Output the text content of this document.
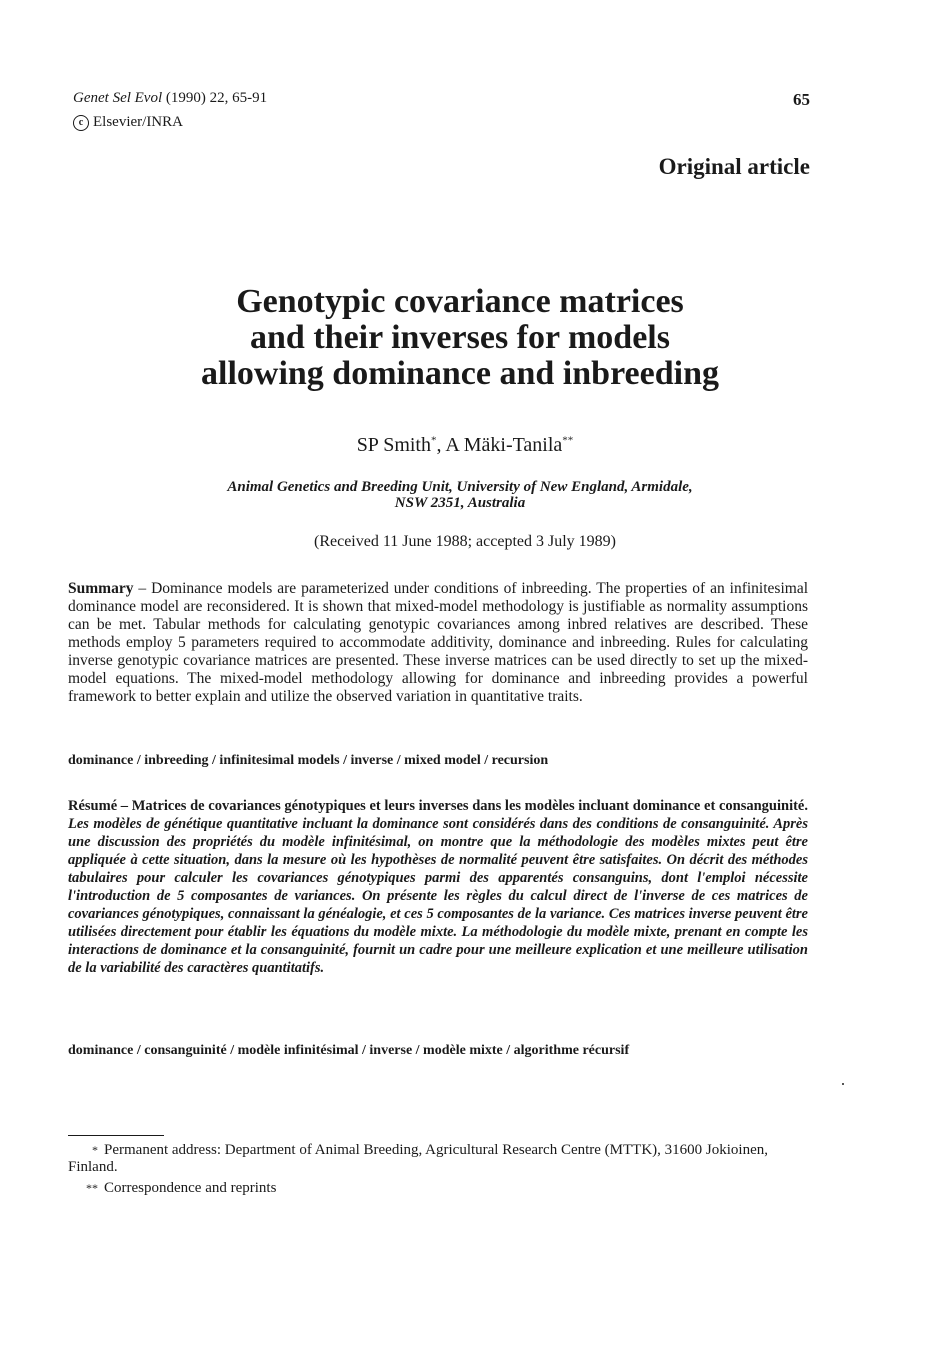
Genet Sel Evol (1990) 22, 65-91
c Elsevier/INRA
65
Original article
Genotypic covariance matrices
and their inverses for models
allowing dominance and inbreeding
SP Smith*, A Mäki-Tanila**
Animal Genetics and Breeding Unit, University of New England, Armidale,
NSW 2351, Australia
(Received 11 June 1988; accepted 3 July 1989)
Summary – Dominance models are parameterized under conditions of inbreeding. The properties of an infinitesimal dominance model are reconsidered. It is shown that mixed-model methodology is justifiable as normality assumptions can be met. Tabular methods for calculating genotypic covariances among inbred relatives are described. These methods employ 5 parameters required to accommodate additivity, dominance and inbreeding. Rules for calculating inverse genotypic covariance matrices are presented. These inverse matrices can be used directly to set up the mixed-model equations. The mixed-model methodology allowing for dominance and inbreeding provides a powerful framework to better explain and utilize the observed variation in quantitative traits.
dominance / inbreeding / infinitesimal models / inverse / mixed model / recursion
Résumé – Matrices de covariances génotypiques et leurs inverses dans les modèles incluant dominance et consanguinité. Les modèles de génétique quantitative incluant la dominance sont considérés dans des conditions de consanguinité. Après une discussion des propriétés du modèle infinitésimal, on montre que la méthodologie des modèles mixtes peut être appliquée à cette situation, dans la mesure où les hypothèses de normalité peuvent être satisfaites. On décrit des méthodes tabulaires pour calculer les covariances génotypiques parmi des apparentés consanguins, dont l'emploi nécessite l'introduction de 5 composantes de variances. On présente les règles du calcul direct de l'inverse de ces matrices de covariances génotypiques, connaissant la généalogie, et ces 5 composantes de la variance. Ces matrices inverse peuvent être utilisées directement pour établir les équations du modèle mixte. La méthodologie du modèle mixte, prenant en compte les interactions de dominance et la consanguinité, fournit un cadre pour une meilleure explication et une meilleure utilisation de la variabilité des caractères quantitatifs.
dominance / consanguinité / modèle infinitésimal / inverse / modèle mixte / algorithme récursif
* Permanent address: Department of Animal Breeding, Agricultural Research Centre (MTTK), 31600 Jokioinen, Finland.
** Correspondence and reprints
